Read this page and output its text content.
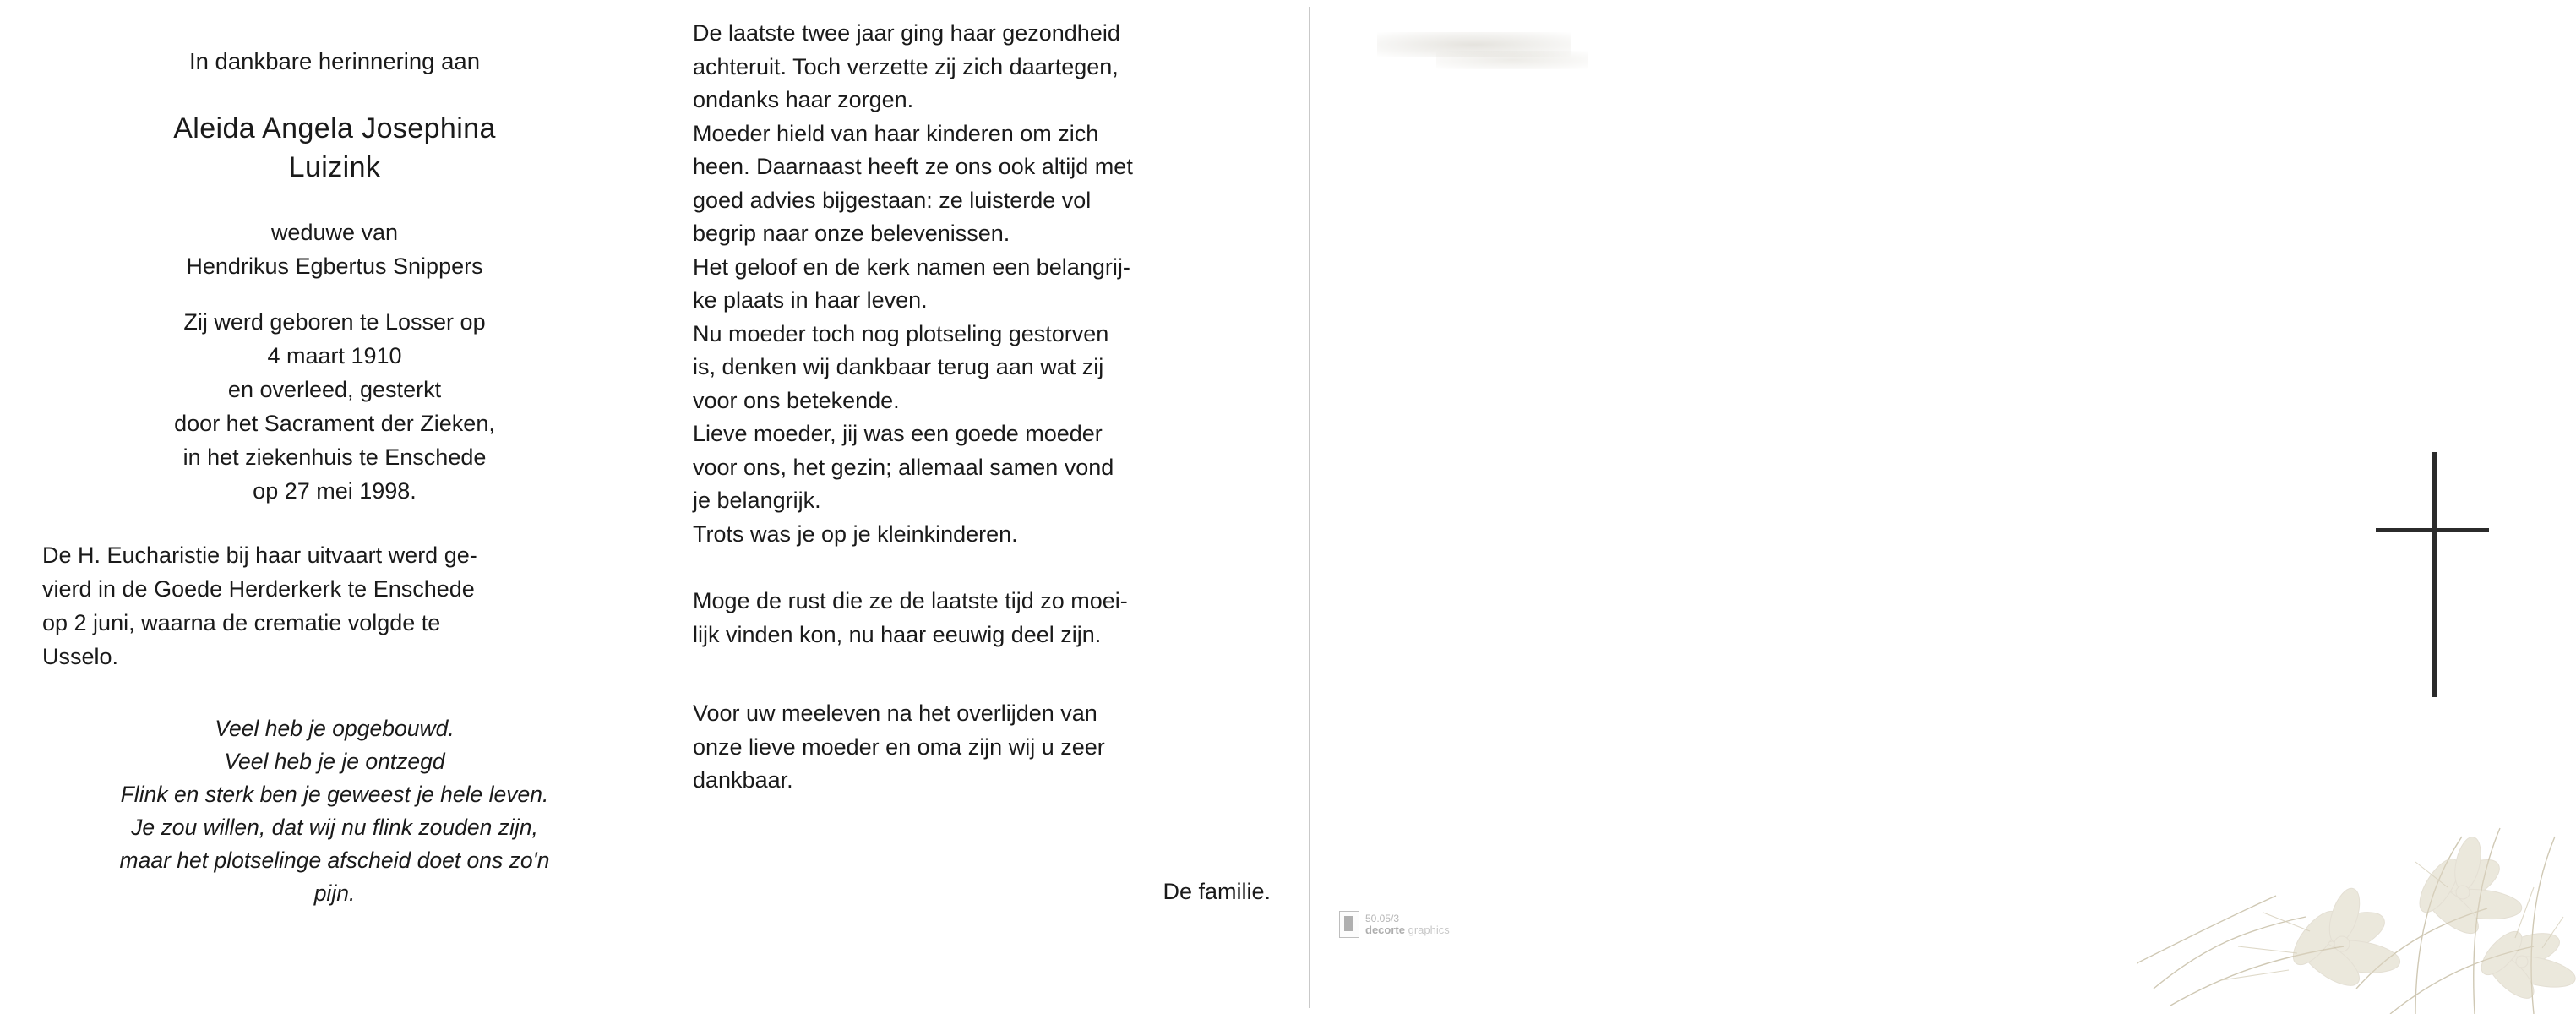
In dankbare herinnering aan
Aleida Angela Josephina
Luizink
weduwe van
Hendrikus Egbertus Snippers
Zij werd geboren te Losser op
4 maart 1910
en overleed, gesterkt
door het Sacrament der Zieken,
in het ziekenhuis te Enschede
op 27 mei 1998.
De H. Eucharistie bij haar uitvaart werd ge-
vierd in de Goede Herderkerk te Enschede
op 2 juni, waarna de crematie volgde te
Usselo.
Veel heb je opgebouwd.
Veel heb je je ontzegd
Flink en sterk ben je geweest je hele leven.
Je zou willen, dat wij nu flink zouden zijn,
maar het plotselinge afscheid doet ons zo'n
pijn.
De laatste twee jaar ging haar gezondheid
achteruit. Toch verzette zij zich daartegen,
ondanks haar zorgen.
Moeder hield van haar kinderen om zich
heen. Daarnaast heeft ze ons ook altijd met
goed advies bijgestaan: ze luisterde vol
begrip naar onze belevenissen.
Het geloof en de kerk namen een belangrij-
ke plaats in haar leven.
Nu moeder toch nog plotseling gestorven
is, denken wij dankbaar terug aan wat zij
voor ons betekende.
Lieve moeder, jij was een goede moeder
voor ons, het gezin; allemaal samen vond
je belangrijk.
Trots was je op je kleinkinderen.
Moge de rust die ze de laatste tijd zo moei-
lijk vinden kon, nu haar eeuwig deel zijn.
Voor uw meeleven na het overlijden van
onze lieve moeder en oma zijn wij u zeer
dankbaar.
De familie.
50.05/3
decorte graphics
